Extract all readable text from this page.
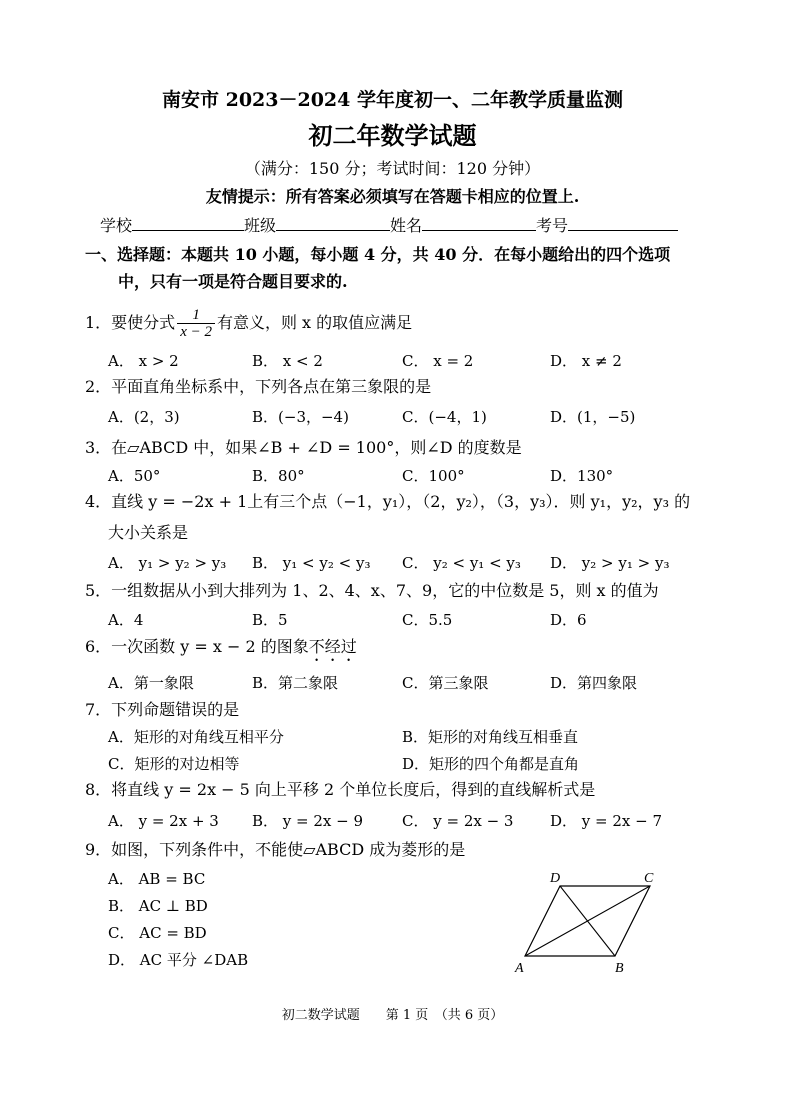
南安市 2023－2024 学年度初一、二年教学质量监测
初二年数学试题
（满分：150 分；考试时间：120 分钟）
友情提示：所有答案必须填写在答题卡相应的位置上.
学校	班级	姓名	考号
一、选择题：本题共 10 小题，每小题 4 分，共 40 分．在每小题给出的四个选项
中，只有一项是符合题目要求的.
1．要使分式 $\frac{1}{x - 2}$ 有意义，则 x 的取值应满足
A． x > 2	B． x < 2	C． x = 2	D． x ≠ 2
2．平面直角坐标系中，下列各点在第三象限的是
A．(2，3)	B．(−3，−4)	C．(−4，1)	D．(1，−5)
3．在▱ABCD 中，如果∠B + ∠D = 100°，则∠D 的度数是
A．50°	B．80°	C．100°	D．130°
4．直线 y = −2x + 1上有三个点（−1，y₁），（2，y₂），（3，y₃）．则 y₁，y₂，y₃ 的
大小关系是
A． y₁ > y₂ > y₃ B． y₁ < y₂ < y₃ C． y₂ < y₁ < y₃ D． y₂ > y₁ > y₃
5．一组数据从小到大排列为 1、2、4、x、7、9，它的中位数是 5，则 x 的值为
A．4	B．5	C．5.5	D．6
6．一次函数 y = x − 2 的图象不经过
A．第一象限	B．第二象限	C．第三象限	D．第四象限
7．下列命题错误的是
A．矩形的对角线互相平分	B．矩形的对角线互相垂直
C．矩形的对边相等	D．矩形的四个角都是直角
8．将直线 y = 2x − 5 向上平移 2 个单位长度后，得到的直线解析式是
A． y = 2x + 3 B． y = 2x − 9	C． y = 2x − 3 D． y = 2x − 7
9．如图，下列条件中，不能使▱ABCD 成为菱形的是
A． AB = BC
B． AC ⊥ BD
C． AC = BD
D． AC 平分 ∠DAB
D	C
A	B
初二数学试题　　第 1 页　（共 6 页）
